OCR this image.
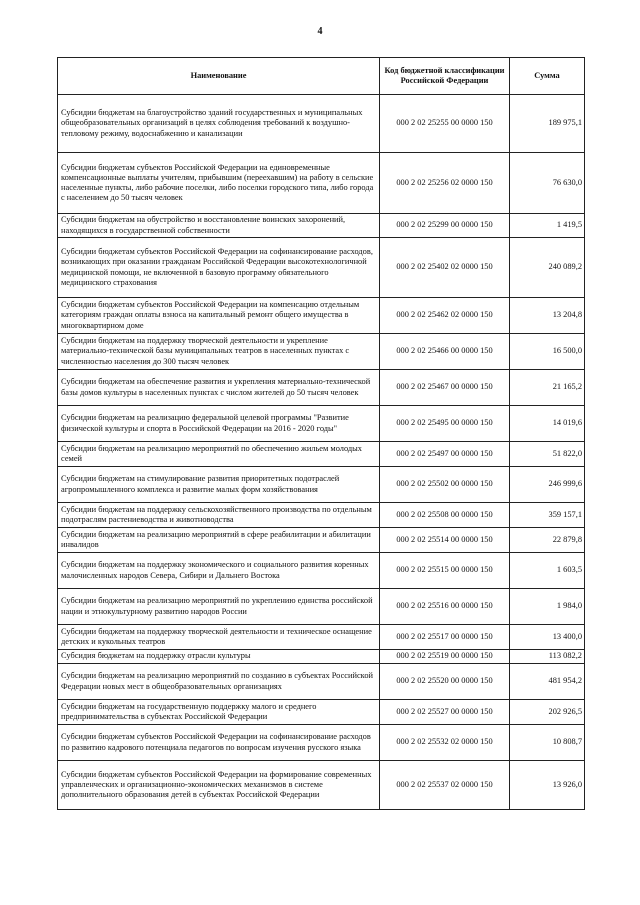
4
Наименование	Код бюджетной классификации Российской Федерации	Сумма
Субсидии бюджетам на благоустройство зданий государственных и муниципальных общеобразовательных организаций в целях соблюдения требований к воздушно-тепловому режиму, водоснабжению и канализации	000 2 02 25255 00 0000 150	189 975,1
Субсидии бюджетам субъектов Российской Федерации на единовременные компенсационные выплаты учителям, прибывшим (переехавшим) на работу в сельские населенные пункты, либо рабочие поселки, либо поселки городского типа, либо города с населением до 50 тысяч человек	000 2 02 25256 02 0000 150	76 630,0
Субсидии бюджетам на обустройство и восстановление воинских захоронений, находящихся в государственной собственности	000 2 02 25299 00 0000 150	1 419,5
Субсидии бюджетам субъектов Российской Федерации на софинансирование расходов, возникающих при оказании гражданам Российской Федерации высокотехнологичной медицинской помощи, не включенной в базовую программу обязательного медицинского страхования	000 2 02 25402 02 0000 150	240 089,2
Субсидии бюджетам субъектов Российской Федерации на компенсацию отдельным категориям граждан оплаты взноса на капитальный ремонт общего имущества в многоквартирном доме	000 2 02 25462 02 0000 150	13 204,8
Субсидии бюджетам на поддержку творческой деятельности и укрепление материально-технической базы муниципальных театров в населенных пунктах с численностью населения до 300 тысяч человек	000 2 02 25466 00 0000 150	16 500,0
Субсидии бюджетам на обеспечение развития и укрепления материально-технической базы домов культуры в населенных пунктах с числом жителей до 50 тысяч человек	000 2 02 25467 00 0000 150	21 165,2
Субсидии бюджетам на реализацию федеральной целевой программы "Развитие физической культуры и спорта в Российской Федерации на 2016 - 2020 годы"	000 2 02 25495 00 0000 150	14 019,6
Субсидии бюджетам на реализацию мероприятий по обеспечению жильем молодых семей	000 2 02 25497 00 0000 150	51 822,0
Субсидии бюджетам на стимулирование развития приоритетных подотраслей агропромышленного комплекса и развитие малых форм хозяйствования	000 2 02 25502 00 0000 150	246 999,6
Субсидии бюджетам на поддержку сельскохозяйственного производства по отдельным подотраслям растениеводства и животноводства	000 2 02 25508 00 0000 150	359 157,1
Субсидии бюджетам на реализацию мероприятий в сфере реабилитации и абилитации инвалидов	000 2 02 25514 00 0000 150	22 879,8
Субсидии бюджетам на поддержку экономического и социального развития коренных малочисленных народов Севера, Сибири и Дальнего Востока	000 2 02 25515 00 0000 150	1 603,5
Субсидии бюджетам на реализацию мероприятий по укреплению единства российской нации и этнокультурному развитию народов России	000 2 02 25516 00 0000 150	1 984,0
Субсидии бюджетам на поддержку творческой деятельности и техническое оснащение детских и кукольных театров	000 2 02 25517 00 0000 150	13 400,0
Субсидия бюджетам на поддержку отрасли культуры	000 2 02 25519 00 0000 150	113 082,2
Субсидии бюджетам на реализацию мероприятий по созданию в субъектах Российской Федерации новых мест в общеобразовательных организациях	000 2 02 25520 00 0000 150	481 954,2
Субсидии бюджетам на государственную поддержку малого и среднего предпринимательства в субъектах Российской Федерации	000 2 02 25527 00 0000 150	202 926,5
Субсидии бюджетам субъектов Российской Федерации на софинансирование расходов по развитию кадрового потенциала педагогов по вопросам изучения русского языка	000 2 02 25532 02 0000 150	10 808,7
Субсидии бюджетам субъектов Российской Федерации на формирование современных управленческих и организационно-экономических механизмов в системе дополнительного образования детей в субъектах Российской Федерации	000 2 02 25537 02 0000 150	13 926,0
